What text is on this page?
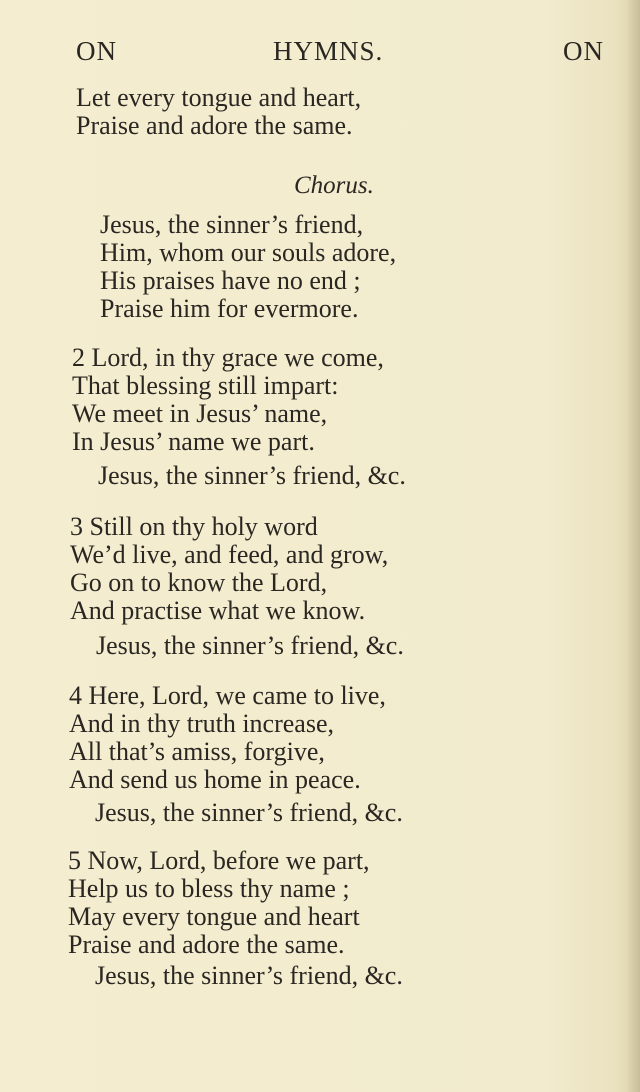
ON	HYMNS.	ON
Let every tongue and heart,
Praise and adore the same.
Chorus.
Jesus, the sinner’s friend,
Him, whom our souls adore,
His praises have no end ;
Praise him for evermore.
2 Lord, in thy grace we come,
That blessing still impart:
We meet in Jesus’ name,
In Jesus’ name we part.
Jesus, the sinner’s friend, &c.
3 Still on thy holy word
We’d live, and feed, and grow,
Go on to know the Lord,
And practise what we know.
Jesus, the sinner’s friend, &c.
4 Here, Lord, we came to live,
And in thy truth increase,
All that’s amiss, forgive,
And send us home in peace.
Jesus, the sinner’s friend, &c.
5 Now, Lord, before we part,
Help us to bless thy name ;
May every tongue and heart
Praise and adore the same.
Jesus, the sinner’s friend, &c.
